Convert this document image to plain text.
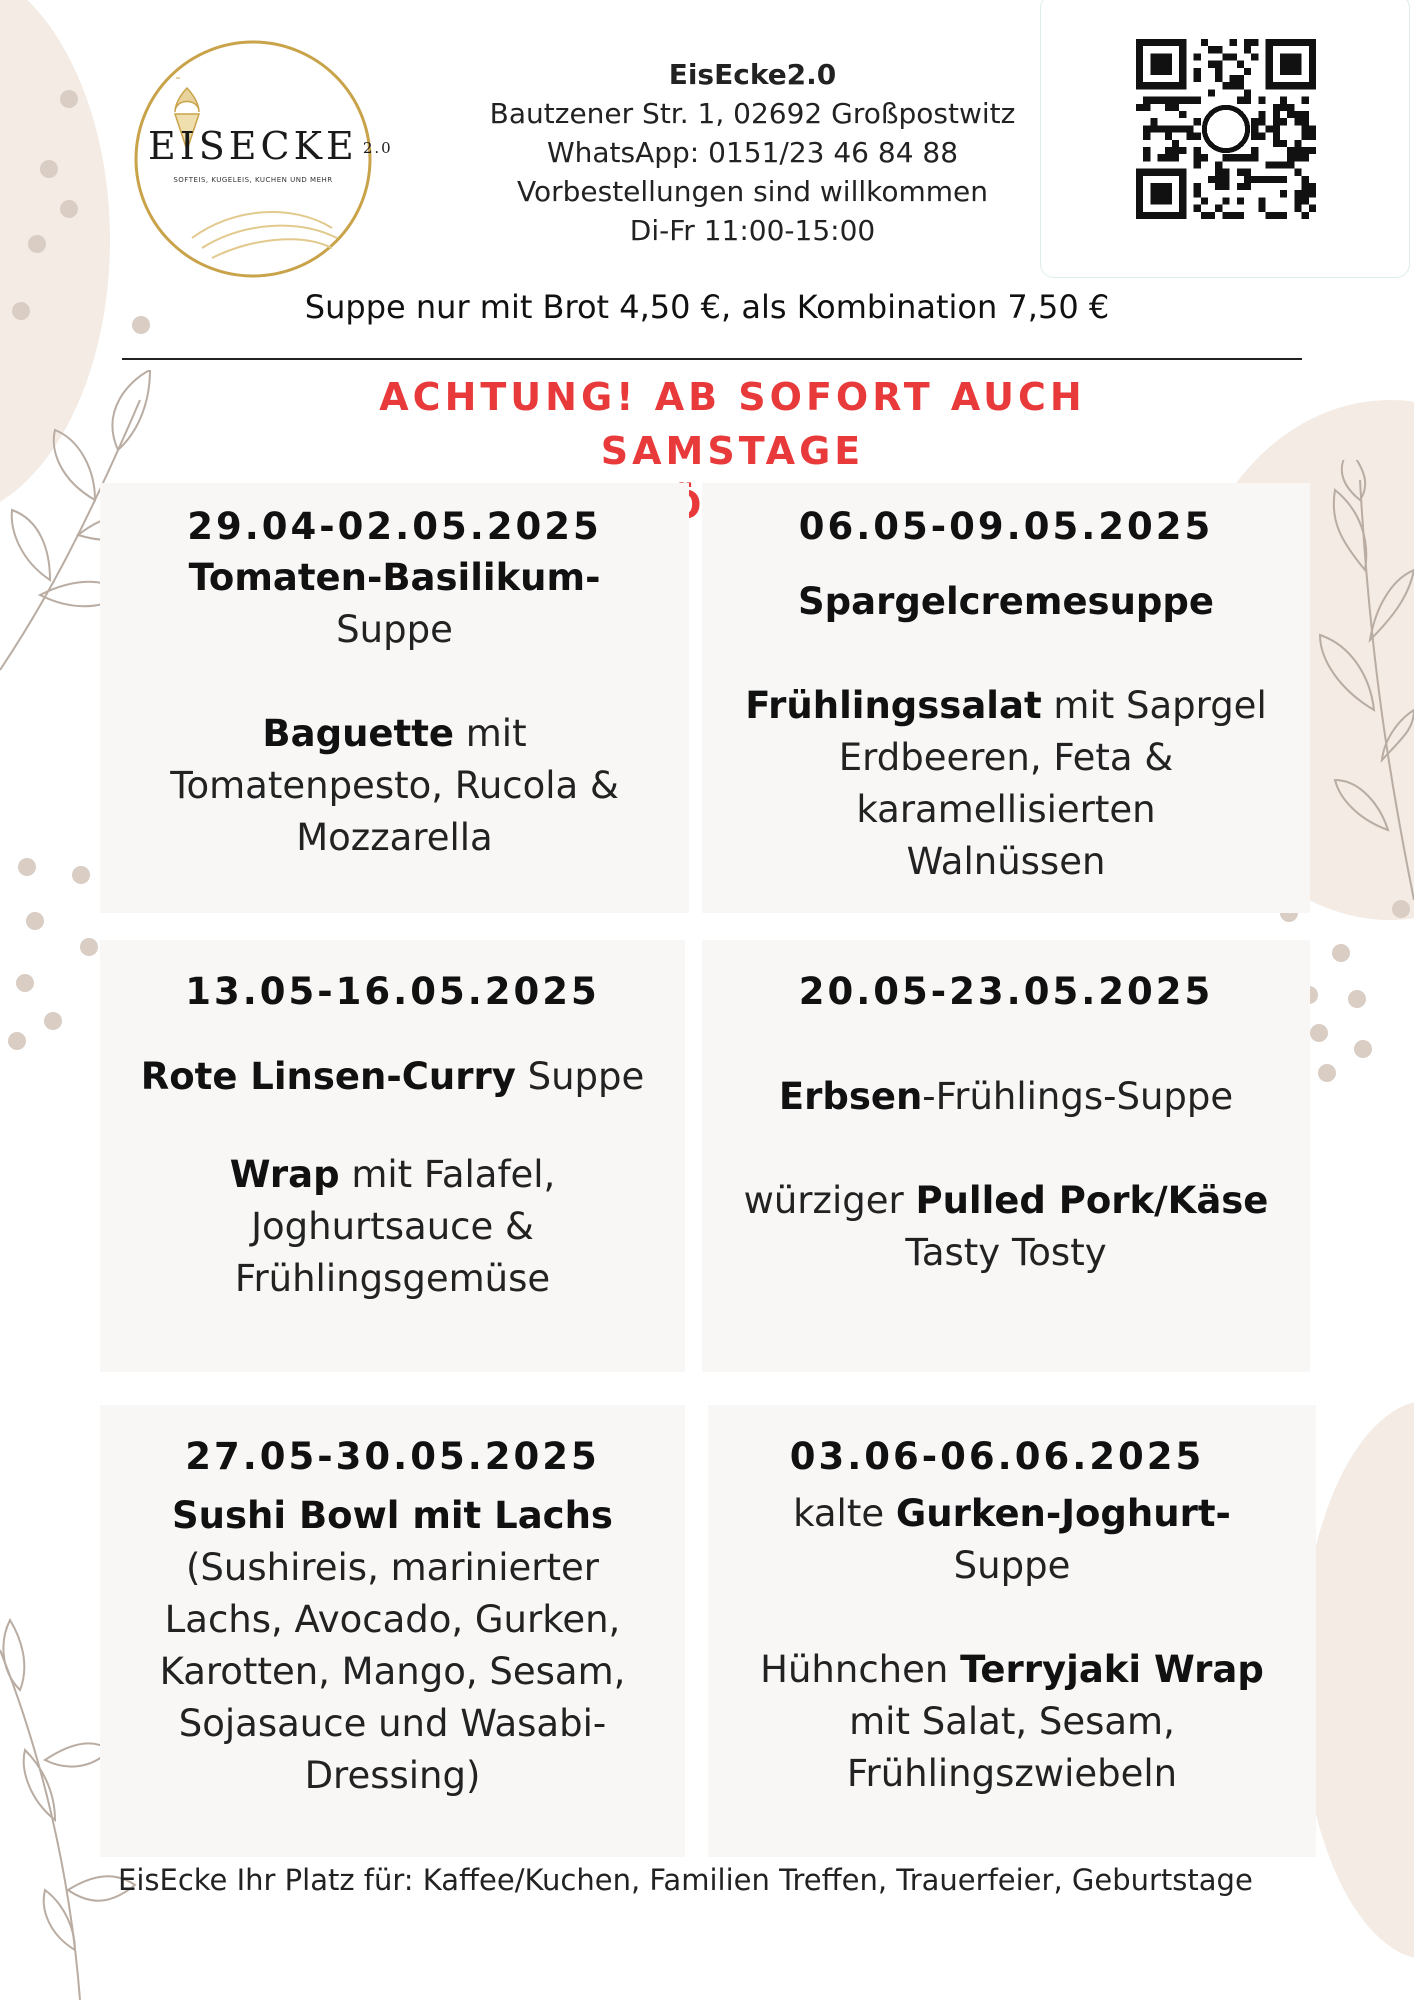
EISECKE 2.0
SOFTEIS, KUGELEIS, KUCHEN UND MEHR
EisEcke2.0
Bautzener Str. 1, 02692 Großpostwitz
WhatsApp: 0151/23 46 84 88
Vorbestellungen sind willkommen
Di-Fr 11:00-15:00
Suppe nur mit Brot 4,50 €, als Kombination 7,50 €
ACHTUNG! AB SOFORT AUCH SAMSTAGE
29.04-02.05.2025
Tomaten-Basilikum-
Suppe
Baguette mit
Tomatenpesto, Rucola &
Mozzarella
06.05-09.05.2025
Spargelcremesuppe
Frühlingssalat mit Saprgel
Erdbeeren, Feta &
karamellisierten
Walnüssen
13.05-16.05.2025
Rote Linsen-Curry Suppe
Wrap mit Falafel,
Joghurtsauce &
Frühlingsgemüse
20.05-23.05.2025
Erbsen-Frühlings-Suppe
würziger Pulled Pork/Käse
Tasty Tosty
27.05-30.05.2025
Sushi Bowl mit Lachs
(Sushireis, marinierter
Lachs, Avocado, Gurken,
Karotten, Mango, Sesam,
Sojasauce und Wasabi-
Dressing)
03.06-06.06.2025
kalte Gurken-Joghurt-
Suppe
Hühnchen Terryjaki Wrap
mit Salat, Sesam,
Frühlingszwiebeln
EisEcke Ihr Platz für: Kaffee/Kuchen, Familien Treffen, Trauerfeier, Geburtstage
